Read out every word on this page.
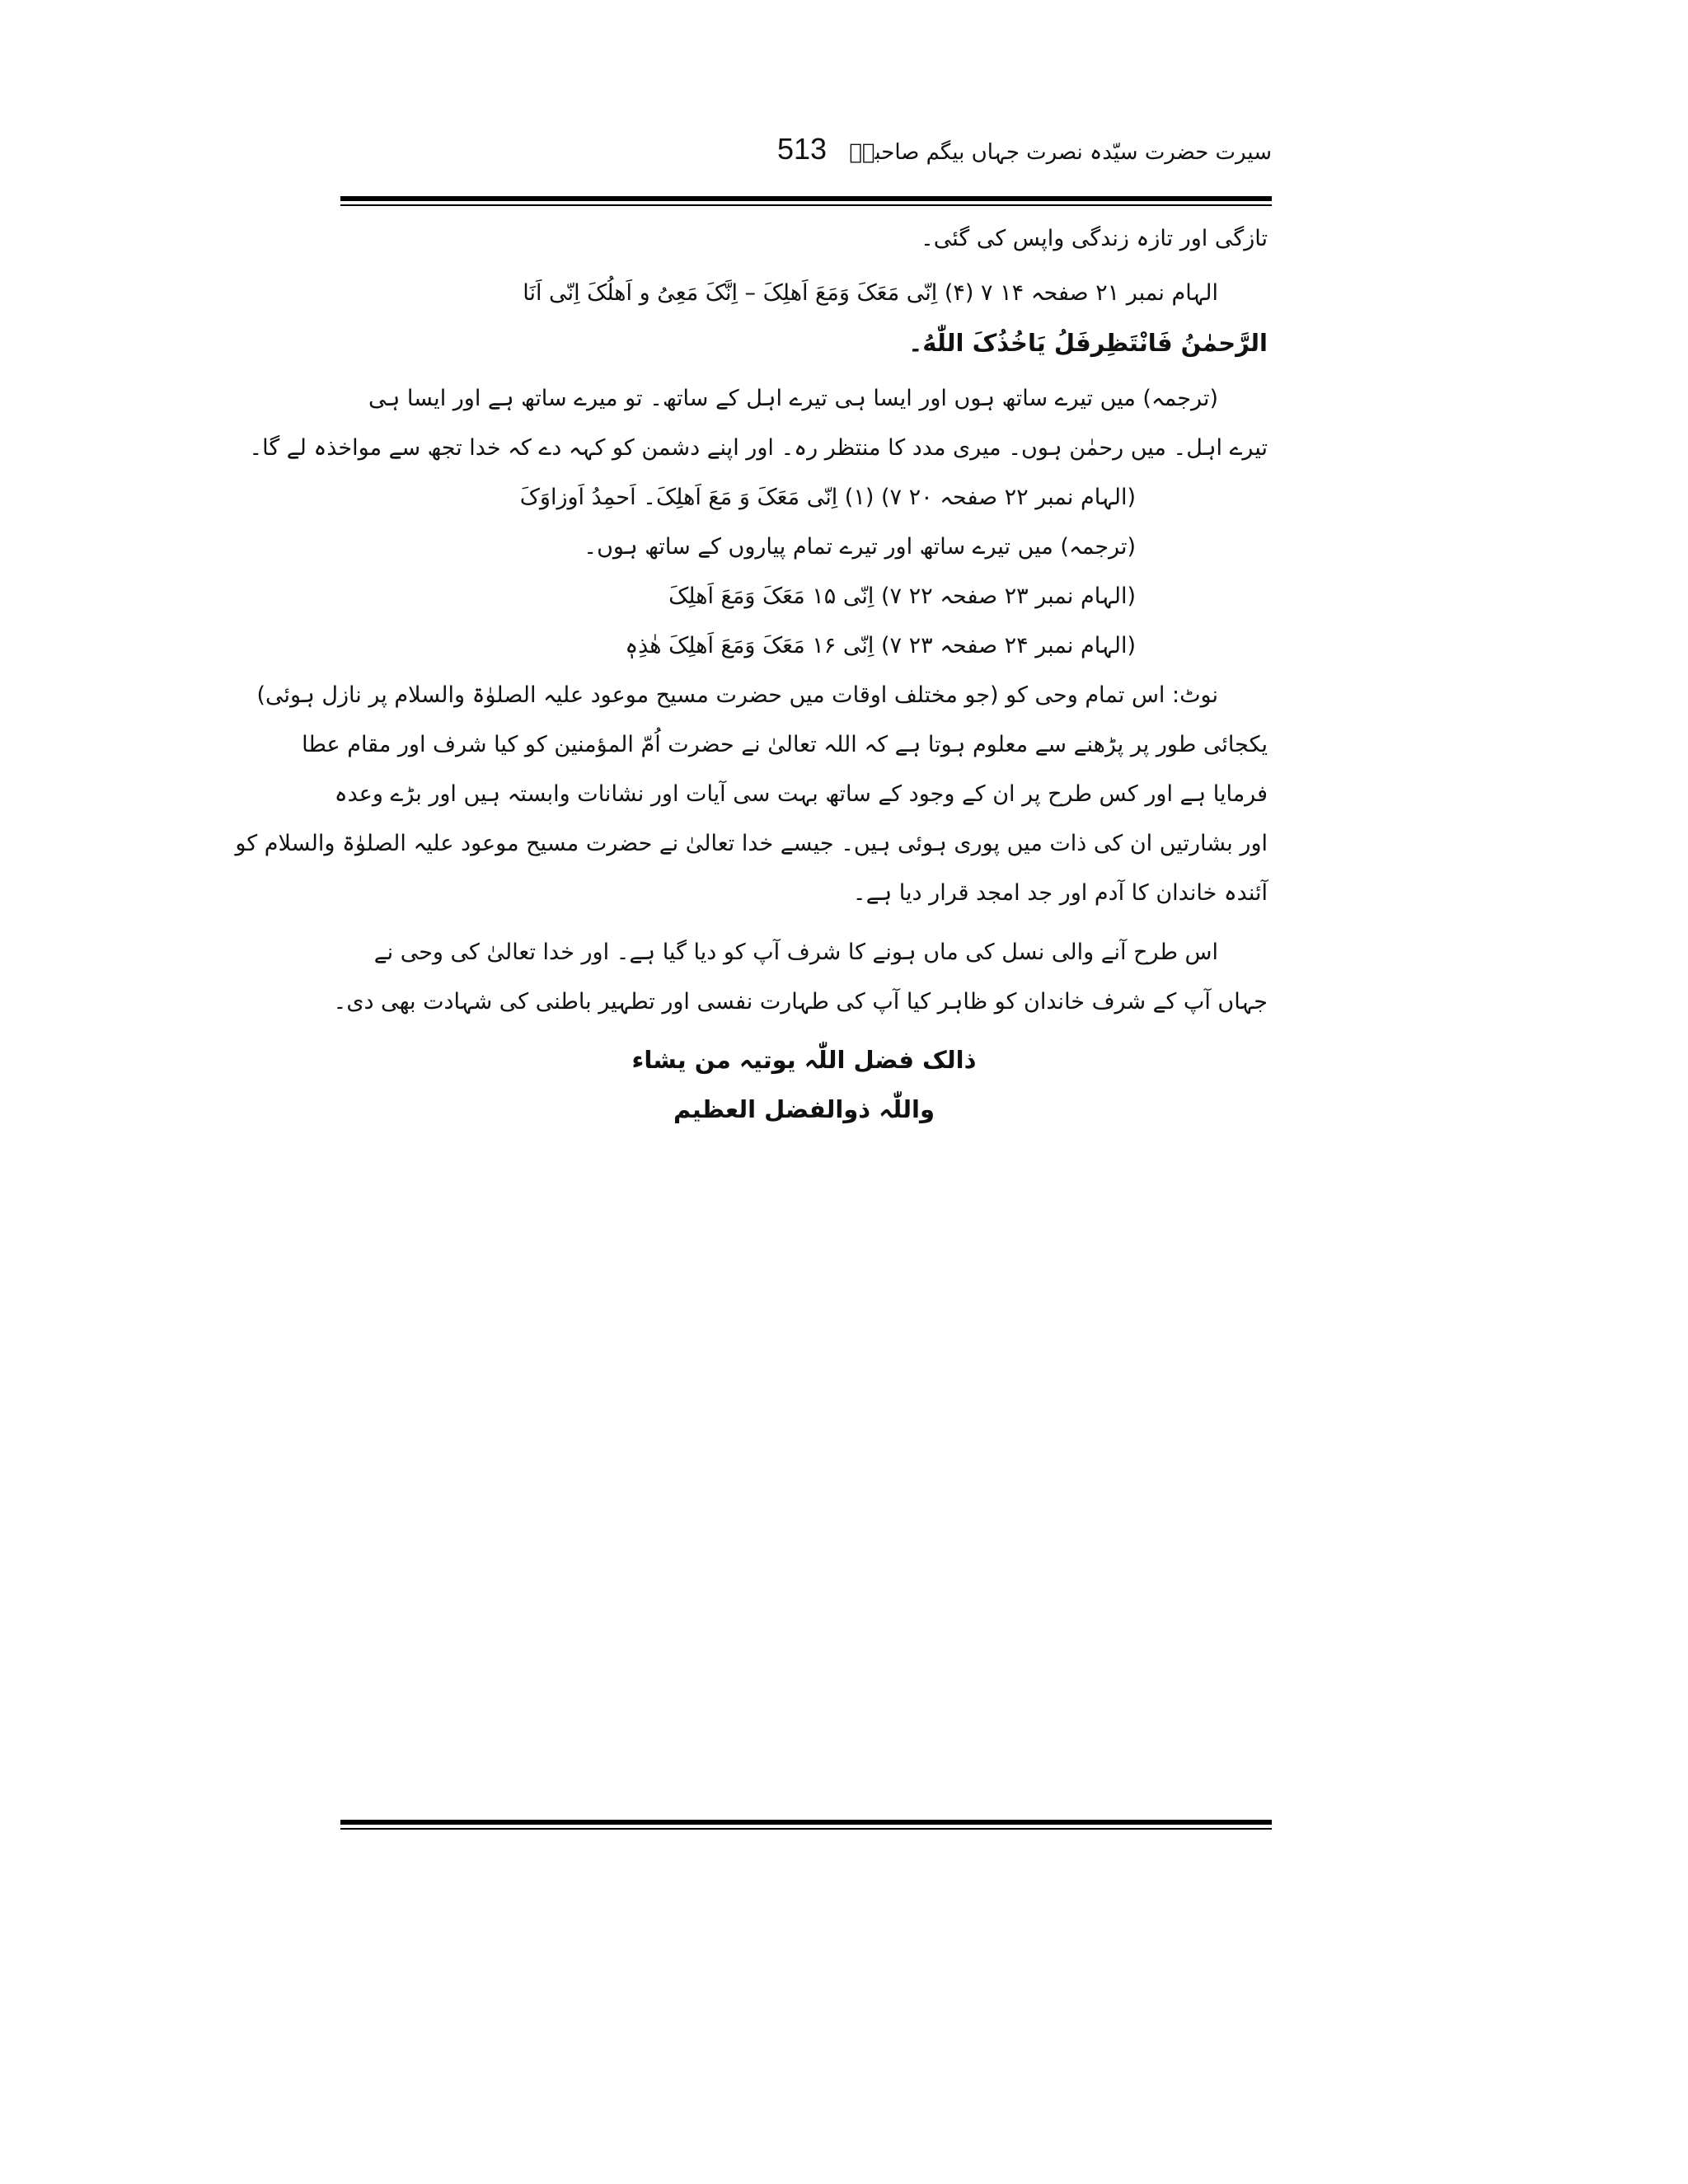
513 سیرت حضرت سیّدہ نصرت جہاں بیگم صاحبہؓ
تازگی اور تازہ زندگی واپس کی گئی۔
الہام نمبر ۲۱ صفحہ ۱۴ ۷ (۴) اِنّی مَعَکَ وَمَعَ اَھلِکَ – اِنَّکَ مَعِیُ و اَھلُکَ اِنّی اَنَا
الرَّحمٰنُ فَانْتَظِرفَلُ یَاخُذُکَ اللّٰهُ۔
(ترجمہ) میں تیرے ساتھ ہوں اور ایسا ہی تیرے اہل کے ساتھ۔ تو میرے ساتھ ہے اور ایسا ہی
تیرے اہل۔ میں رحمٰن ہوں۔ میری مدد کا منتظر رہ۔ اور اپنے دشمن کو کہہ دے کہ خدا تجھ سے مواخذہ لے گا۔
(الہام نمبر ۲۲ صفحہ ۲۰ ۷) (۱) اِنّی مَعَکَ وَ مَعَ اَھلِکَ۔ اَحمِدُ اَوزاوَکَ
(ترجمہ) میں تیرے ساتھ اور تیرے تمام پیاروں کے ساتھ ہوں۔
(الہام نمبر ۲۳ صفحہ ۲۲ ۷) اِنّی ۱۵ مَعَکَ وَمَعَ اَھلِکَ
(الہام نمبر ۲۴ صفحہ ۲۳ ۷) اِنّی ۱۶ مَعَکَ وَمَعَ اَھلِکَ ھٰذِہٖ
نوٹ: اس تمام وحی کو (جو مختلف اوقات میں حضرت مسیح موعود علیہ الصلوٰۃ والسلام پر نازل ہوئی)
یکجائی طور پر پڑھنے سے معلوم ہوتا ہے کہ اللہ تعالیٰ نے حضرت اُمّ المؤمنین کو کیا شرف اور مقام عطا
فرمایا ہے اور کس طرح پر ان کے وجود کے ساتھ بہت سی آیات اور نشانات وابستہ ہیں اور بڑے وعدہ
اور بشارتیں ان کی ذات میں پوری ہوئی ہیں۔ جیسے خدا تعالیٰ نے حضرت مسیح موعود علیہ الصلوٰۃ والسلام کو
آئندہ خاندان کا آدم اور جد امجد قرار دیا ہے۔
اس طرح آنے والی نسل کی ماں ہونے کا شرف آپ کو دیا گیا ہے۔ اور خدا تعالیٰ کی وحی نے
جہاں آپ کے شرف خاندان کو ظاہر کیا آپ کی طہارت نفسی اور تطہیر باطنی کی شہادت بھی دی۔
ذالک فضل اللّٰہ یوتیہ من یشاء
واللّٰہ ذوالفضل العظیم
